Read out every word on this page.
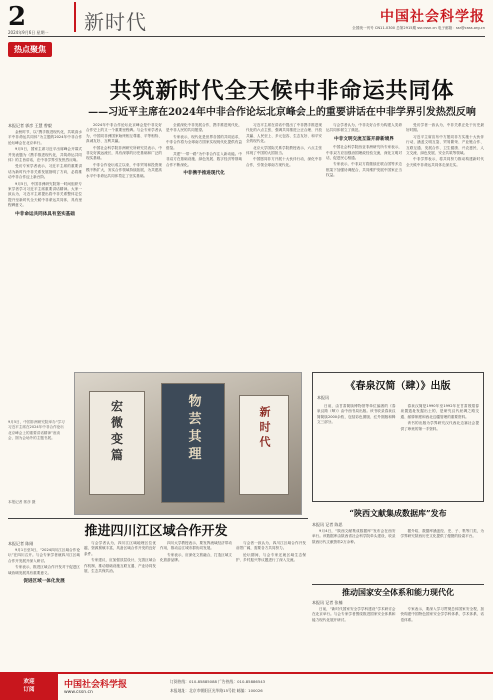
2
2024年9月6日 星期一 新时代	中国社会科学报
全国统一刊号 CN11-0300 总第2915期 ssr.cssn.cn 电子邮箱：ssr@cass.org.cn
热点聚焦
共筑新时代全天候中非命运共同体
——习近平主席在2024年中非合作论坛北京峰会上的重要讲话在中非学界引发热烈反响
本报记者 郭彦 王慧 曾毅

金秋时节，以“携手推进现代化，共筑高水平中非命运共同体”为主题的2024年中非合作论坛峰会在北京举行。

9月5日，国家主席习近平出席峰会开幕式并发表题为《携手推进现代化，共筑命运共同体》的主旨讲话，在中非学界引发热烈反响。

受访专家学者表示，习近平主席的重要讲话为新时代中非关系发展指明了方向，必将推动中非合作迈上新台阶。

9月5日，中国非洲研究院第一时间组织专家学者学习习近平主席重要讲话精神。大家一致认为，习近平主席提出将中非关系整体定位提升至新时代全天候中非命运共同体，具有里程碑意义。

中非命运共同体具有坚实基础

2024年中非合作论坛北京峰会是中非友好合作史上的又一个重要里程碑。与会专家学者认为，中国同非洲国家始终相互尊重、平等相待、真诚友好、互利共赢。

中国社会科学院非洲研究所研究员表示，中非友好源远流长，具有深厚的历史基础和广泛的现实基础。

中非合作论坛成立以来，中非贸易和投资规模不断扩大，务实合作领域持续拓展，为共建高水平中非命运共同体奠定了坚实基础。

全面深化中非发展合作，携手推进现代化，是中非人民的共同愿望。

专家表示，现代化是世界各国的共同追求，中非合作将为全球南方国家实现现代化提供有益借鉴。

共建“一带一路”为中非合作注入新动能。中非双方在基础设施、绿色发展、数字经济等领域合作不断深化。

中非携手推进现代化

习近平主席在讲话中提出了中非携手推进现代化的六点主张，强调共同推进公正合理、开放共赢、人民至上、多元包容、生态友好、和平安全的现代化。

北京大学国际关系学院教授表示，六点主张体现了中国的大国担当。

中国愿同非方开展十大伙伴行动，深化中非合作，引领全球南方现代化。

与会学者认为，中非友好合作为构建人类命运共同体树立了典范。

中非文明交流互鉴开辟新境界

中国社会科学院西亚非洲研究所专家表示，中非双方应加强治国理政经验交流，深化文明对话，促进民心相通。

专家表示，中非双方将继续在联合国等多边框架下加强协调配合，共同维护发展中国家正当权益。

受访学者一致认为，中非关系正处于历史最好时期。

习近平主席宣布中方愿同非方实施十大伙伴行动，涵盖文明互鉴、贸易繁荣、产业链合作、互联互通、发展合作、卫生健康、兴农惠民、人文交流、绿色发展、安全共筑等领域。

中非学界表示，将共同努力推动构建新时代全天候中非命运共同体走深走实。

9月5日，中国非洲研究院举办“学习习近平主席在2024年中非合作论坛北京峰会上的重要讲话精神”座谈会，图为会场外的主题书展。
本报记者 郭彦 摄
宏 微 变 篇	物 芸 其 理	新 时 代
《春泉汉简（肆）》出版
本报讯

日前，由甘肃简牍博物馆等单位编著的《春泉汉简（肆）》由中西书局出版。该书收录春泉汉简简牍2000余枚，包括彩色图版、红外图版和释文三部分。

春泉汉简是1990年至1992年在甘肃敦煌春泉置遗址发掘出土的，是研究汉代丝绸之路交通、邮驿制度和西北边疆管理的重要资料。

该书的出版为学界研究汉代西北边塞社会提供了珍贵的第一手资料。

“陕西文献集成数据库”发布
本报讯 记者 陈思

9月4日，“陕西文献集成数据库”发布会在西安举行。该数据库由陕西省社会科学院牵头建设，收录陕西历代文献资料2万余种。

据介绍，数据库涵盖经、史、子、集等门类，为学界研究陕西历史文化提供了便捷的检索平台。

推进四川江区域合作开发
本报记者 陈刚

9月1日至3日，“2024四川江区域合作论坛”在四川召开。与会专家学者就四川江区域合作开发展开深入研讨。

专家表示，推进区域合作开发对于促进区域协调发展具有重要意义。

促进区域一体化发展

与会学者认为，四川江区域地理区位优越，资源禀赋丰富，具备区域合作开发的良好条件。

专家建议，应加强顶层设计，完善区域合作机制，推动基础设施互联互通、产业协同发展、生态共保共治。

四川大学教授表示，要发挥流域经济带动作用，推动沿江城市群协同发展。

专家表示，应深化文旅融合，打造区域文化旅游品牌。

与会者一致认为，四川江区域合作开发前景广阔，需要各方共同努力。

论坛期间，与会专家还就区域生态保护、乡村振兴等议题进行了深入交流。

推动国家安全体系和能力现代化
本报讯 记者 张楠

日前，“新时代国家安全学学科建设”学术研讨会在北京举行。与会专家学者围绕推进国家安全体系和能力现代化展开研讨。

专家表示，要深入学习贯彻总体国家安全观，加快构建中国特色国家安全学学科体系、学术体系、话语体系。

欢迎
订阅	中国社会科学报
www.cssn.cn
订阅热线：010-85885088 广告热线：010-85886543
本报地址：北京市朝阳区光华路15号院 邮编：100026
